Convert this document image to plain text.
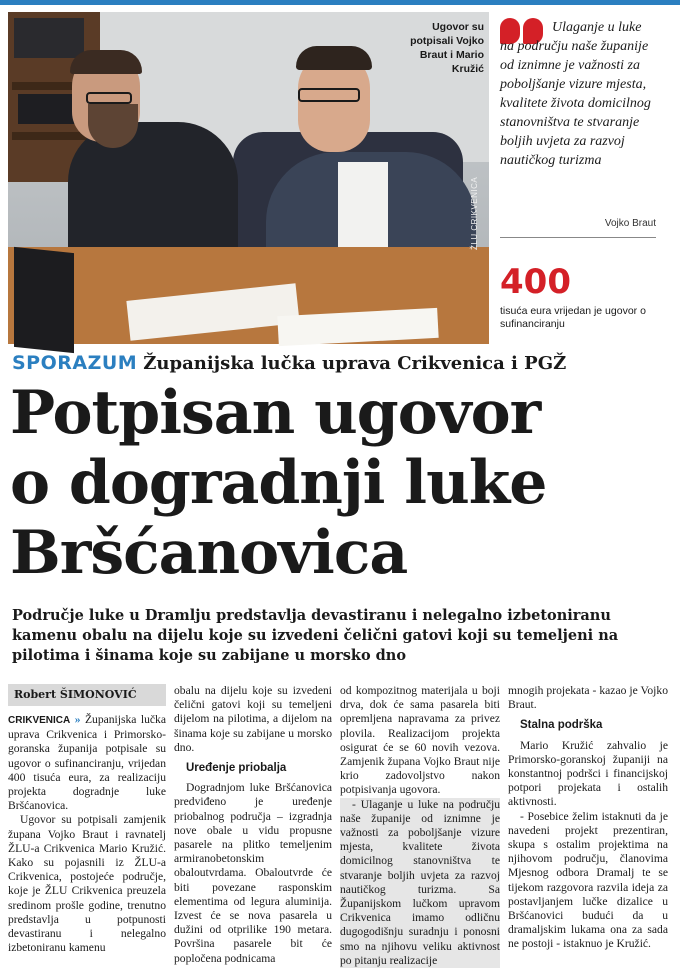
Ugovor su potpisali Vojko Braut i Mario Kružić
ŽLU CRIKVENICA
Ulaganje u luke na području naše županije od iznimne je važnosti za poboljšanje vizure mjesta, kvalitete života domicilnog stanovništva te stvaranje boljih uvjeta za razvoj nautičkog turizma
Vojko Braut
400
tisuća eura vrijedan je ugovor o sufinanciranju
SPORAZUM Županijska lučka uprava Crikvenica i PGŽ
Potpisan ugovor
o dogradnji luke
Bršćanovica
Područje luke u Dramlju predstavlja devastiranu i nelegalno izbetoniranu kamenu obalu na dijelu koje su izvedeni čelični gatovi koji su temeljeni na pilotima i šinama koje su zabijane u morsko dno
Robert ŠIMONOVIĆ

CRIKVENICA » Županijska lučka uprava Crikvenica i Primorsko-goranska županija potpisale su ugovor o sufinanciranju, vrijedan 400 tisuća eura, za realizaciju projekta dogradnje luke Bršćanovica.

Ugovor su potpisali zamjenik župana Vojko Braut i ravnatelj ŽLU-a Crikvenica Mario Kružić. Kako su pojasnili iz ŽLU-a Crikvenica, postojeće područje, koje je ŽLU Crikvenica preuzela sredinom prošle godine, trenutno predstavlja u potpunosti devastiranu i nelegalno izbetoniranu kamenu

obalu na dijelu koje su izvedeni čelični gatovi koji su temeljeni dijelom na pilotima, a dijelom na šinama koje su zabijane u morsko dno.

Uređenje priobalja

Dogradnjom luke Bršćanovica predviđeno je uređenje priobalnog područja – izgradnja nove obale u vidu propusne pasarele na plitko temeljenim armiranobetonskim obaloutvrdama. Obaloutvrde će biti povezane rasponskim elementima od legura aluminija. Izvest će se nova pasarela u dužini od otprilike 190 metara. Površina pasarele bit će popločena podnicama

od kompozitnog materijala u boji drva, dok će sama pasarela biti opremljena napravama za privez plovila. Realizacijom projekta osigurat će se 60 novih vezova. Zamjenik župana Vojko Braut nije krio zadovoljstvo nakon potpisivanja ugovora.

- Ulaganje u luke na području naše županije od iznimne je važnosti za poboljšanje vizure mjesta, kvalitete života domicilnog stanovništva te stvaranje boljih uvjeta za razvoj nautičkog turizma. Sa Županijskom lučkom upravom Crikvenica imamo odličnu dugogodišnju suradnju i ponosni smo na njihovu veliku aktivnost po pitanju realizacije

mnogih projekata - kazao je Vojko Braut.

Stalna podrška

Mario Kružić zahvalio je Primorsko-goranskoj županiji na konstantnoj podršci i financijskoj potpori projekata i ostalih aktivnosti.

- Posebice želim istaknuti da je navedeni projekt prezentiran, skupa s ostalim projektima na njihovom području, članovima Mjesnog odbora Dramalj te se tijekom razgovora razvila ideja za postavljanjem lučke dizalice u Bršćanovici budući da u dramaljskim lukama ona za sada ne postoji - istaknuo je Kružić.
